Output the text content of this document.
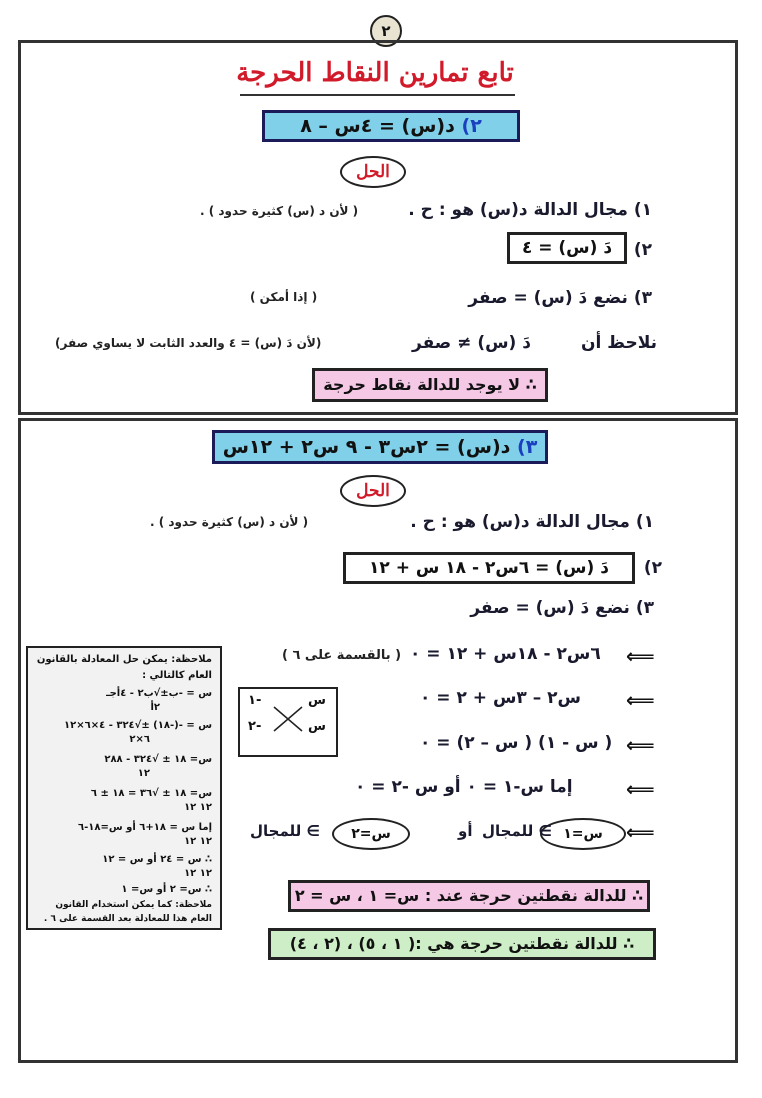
٢
تابع تمارين النقاط الحرجة
٢) د(س) = ٤س – ٨
الحل
١) مجال الدالة د(س) هو : ح .
( لأن د (س) كثيرة حدود ) .
٢)
دَ (س) = ٤
٣) نضع دَ (س) = صفر
( إذا أمكن )
نلاحظ أن
دَ (س) ≠ صفر
(لأن دَ (س) = ٤ والعدد الثابت لا يساوي صفر)
∴ لا يوجد للدالة نقاط حرجة
٣) د(س) = ٢س٣ - ٩ س٢ + ١٢س
الحل
١) مجال الدالة د(س) هو : ح .
( لأن د (س) كثيرة حدود ) .
٢)
دَ (س) = ٦س٢ - ١٨ س + ١٢
٣) نضع دَ (س) = صفر
⟸
٦س٢ - ١٨س + ١٢ = ٠
( بالقسمة على ٦ )
⟸
س٢ – ٣س + ٢ = ٠
⟸
( س - ١) ( س – ٢) = ٠
⟸
إما س-١ = ٠ أو س -٢ = ٠
⟸
س=١
∋ للمجال
أو
س=٢
∋ للمجال
١-	س
٢-	س
ملاحظة: يمكن حل المعادلة بالقانون
العام كالتالي :
س = -ب±√ب٢ - ٤أجـ
٢أ
س = -(-١٨) ±√٣٢٤ - ٤×٦×١٢
٦×٢
س= ١٨ ± √٣٢٤ - ٢٨٨
١٢
س= ١٨ ± √٣٦ = ١٨ ± ٦
١٢ ١٢
إما س = ١٨+٦ أو س=١٨-٦
١٢ ١٢
∴ س = ٢٤ أو س = ١٢
١٢ ١٢
∴ س= ٢ أو س= ١
ملاحظة: كما يمكن استخدام القانون
العام هذا للمعادلة بعد القسمة على ٦ .
∴ للدالة نقطتين حرجة عند : س= ١ ، س = ٢
∴ للدالة نقطتين حرجة هي :( ١ ، ٥) ، (٢ ، ٤)
